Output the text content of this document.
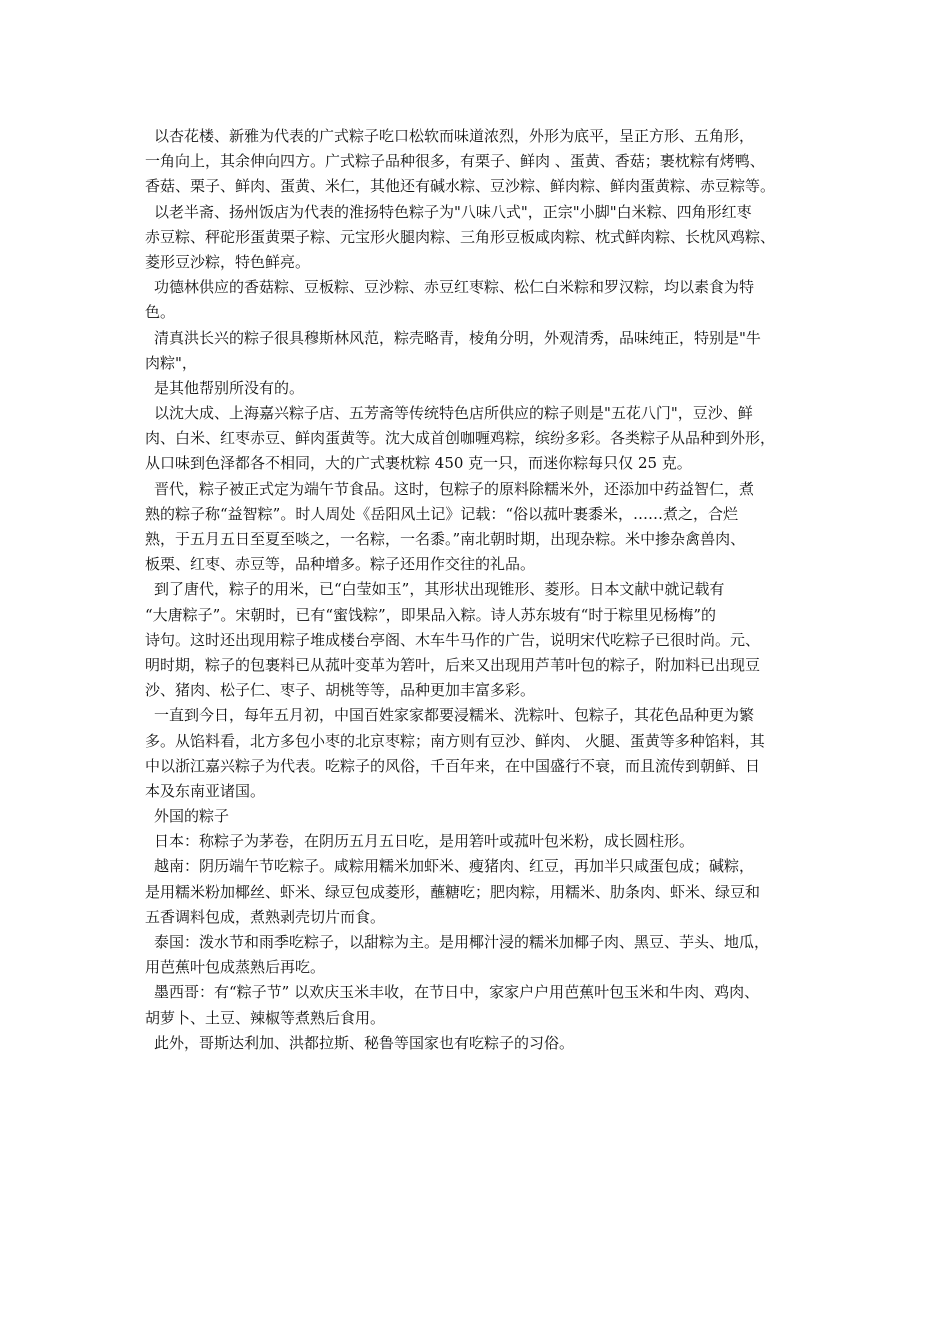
以杏花楼、新雅为代表的广式粽子吃口松软而味道浓烈，外形为底平，呈正方形、五角形，
一角向上，其余伸向四方。广式粽子品种很多，有栗子、鲜肉 、蛋黄、香菇；裹枕粽有烤鸭、
香菇、栗子、鲜肉、蛋黄、米仁，其他还有碱水粽、豆沙粽、鲜肉粽、鲜肉蛋黄粽、赤豆粽等。
以老半斋、扬州饭店为代表的淮扬特色粽子为"八味八式"，正宗"小脚"白米粽、四角形红枣
赤豆粽、秤砣形蛋黄栗子粽、元宝形火腿肉粽、三角形豆板咸肉粽、枕式鲜肉粽、长枕风鸡粽、
菱形豆沙粽，特色鲜亮。
功德林供应的香菇粽、豆板粽、豆沙粽、赤豆红枣粽、松仁白米粽和罗汉粽，均以素食为特
色。
清真洪长兴的粽子很具穆斯林风范，粽壳略青，棱角分明，外观清秀，品味纯正，特别是"牛
肉粽"，
是其他帮别所没有的。
以沈大成、上海嘉兴粽子店、五芳斋等传统特色店所供应的粽子则是"五花八门"，豆沙、鲜
肉、白米、红枣赤豆、鲜肉蛋黄等。沈大成首创咖喱鸡粽，缤纷多彩。各类粽子从品种到外形，
从口味到色泽都各不相同，大的广式裹枕粽 450 克一只，而迷你粽每只仅 25 克。
晋代，粽子被正式定为端午节食品。这时，包粽子的原料除糯米外，还添加中药益智仁，煮
熟的粽子称“益智粽”。时人周处《岳阳风土记》记载：“俗以菰叶裹黍米，……煮之，合烂
熟，于五月五日至夏至啖之，一名粽，一名黍。”南北朝时期，出现杂粽。米中掺杂禽兽肉、
板栗、红枣、赤豆等，品种增多。粽子还用作交往的礼品。
到了唐代，粽子的用米，已“白莹如玉”，其形状出现锥形、菱形。日本文献中就记载有
“大唐粽子”。宋朝时，已有“蜜饯粽”，即果品入粽。诗人苏东坡有“时于粽里见杨梅”的
诗句。这时还出现用粽子堆成楼台亭阁、木车牛马作的广告，说明宋代吃粽子已很时尚。元、
明时期，粽子的包裹料已从菰叶变革为箬叶，后来又出现用芦苇叶包的粽子，附加料已出现豆
沙、猪肉、松子仁、枣子、胡桃等等，品种更加丰富多彩。
一直到今日，每年五月初，中国百姓家家都要浸糯米、洗粽叶、包粽子，其花色品种更为繁
多。从馅料看，北方多包小枣的北京枣粽；南方则有豆沙、鲜肉、 火腿、蛋黄等多种馅料，其
中以浙江嘉兴粽子为代表。吃粽子的风俗，千百年来，在中国盛行不衰，而且流传到朝鲜、日
本及东南亚诸国。
外国的粽子
日本：称粽子为茅卷，在阴历五月五日吃，是用箬叶或菰叶包米粉，成长圆柱形。
越南：阴历端午节吃粽子。咸粽用糯米加虾米、瘦猪肉、红豆，再加半只咸蛋包成；碱粽，
是用糯米粉加椰丝、虾米、绿豆包成菱形，蘸糖吃；肥肉粽，用糯米、肋条肉、虾米、绿豆和
五香调料包成，煮熟剥壳切片而食。
泰国：泼水节和雨季吃粽子，以甜粽为主。是用椰汁浸的糯米加椰子肉、黑豆、芋头、地瓜，
用芭蕉叶包成蒸熟后再吃。
墨西哥：有“粽子节” 以欢庆玉米丰收，在节日中，家家户户用芭蕉叶包玉米和牛肉、鸡肉、
胡萝卜、土豆、辣椒等煮熟后食用。
此外，哥斯达利加、洪都拉斯、秘鲁等国家也有吃粽子的习俗。
